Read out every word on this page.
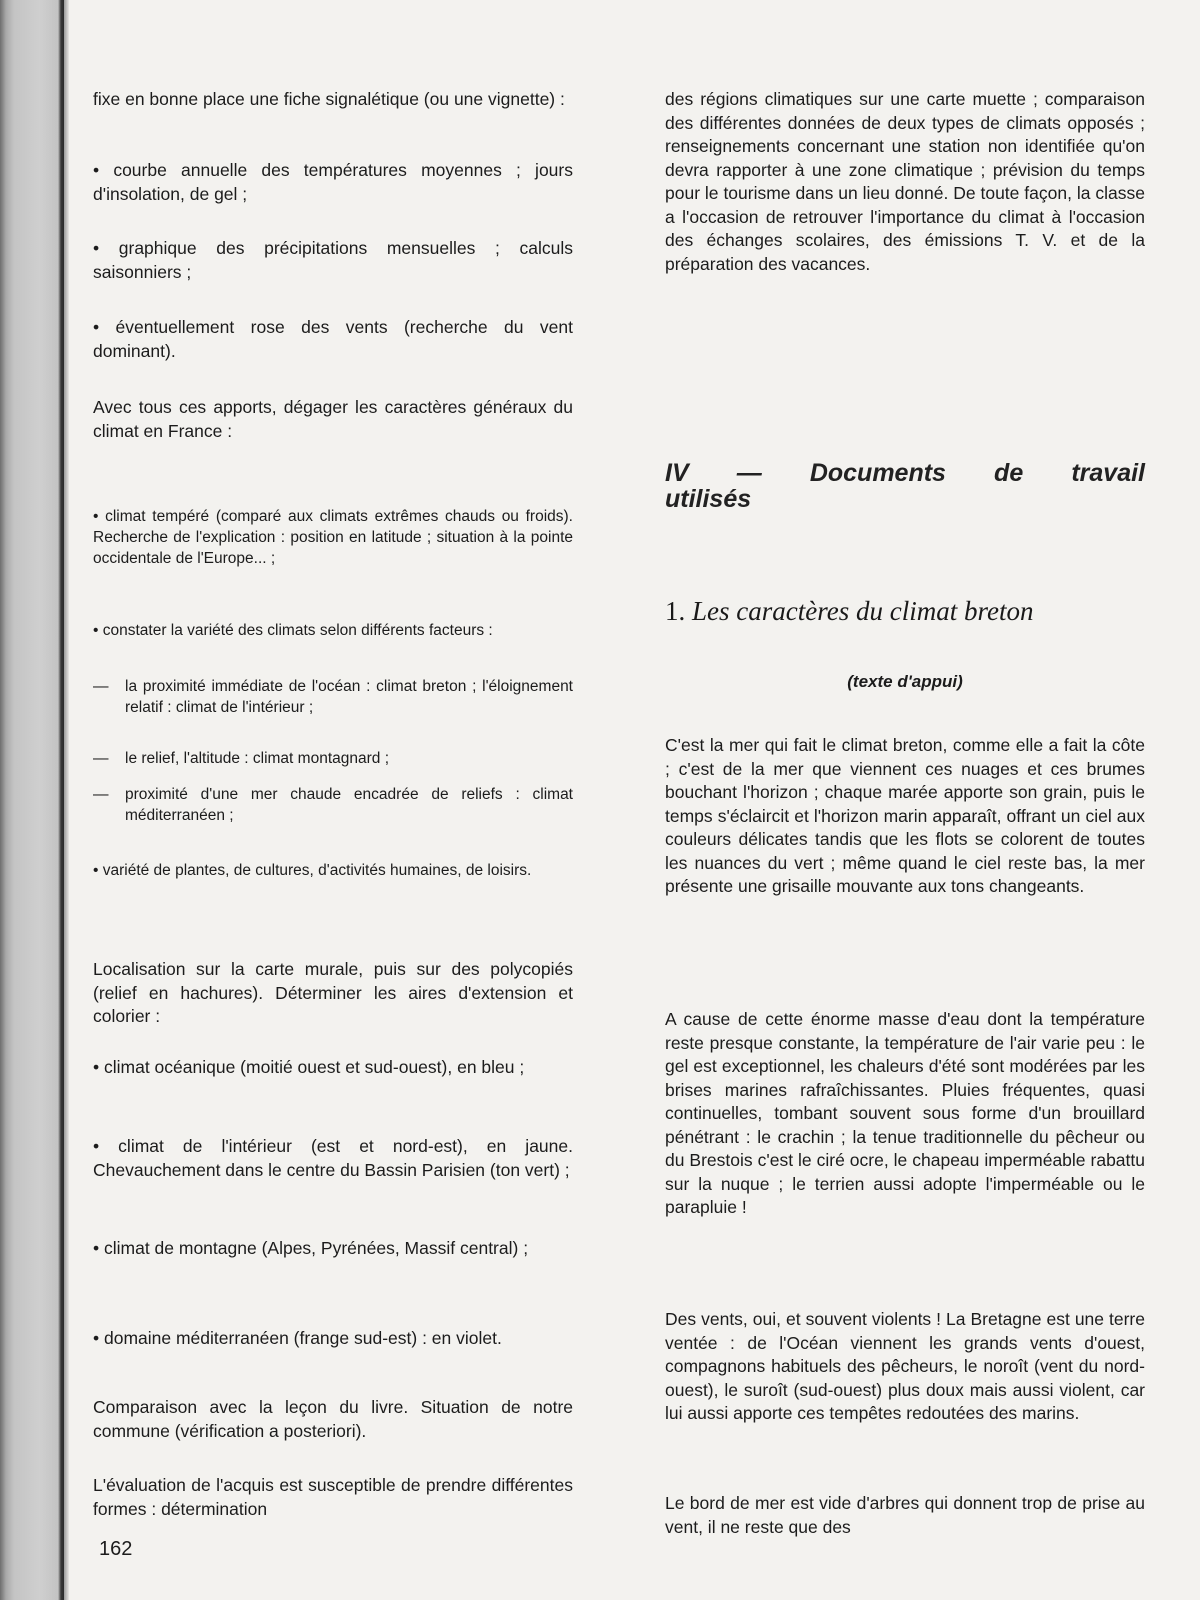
fixe en bonne place une fiche signalétique (ou une vignette) :

• courbe annuelle des températures moyennes ; jours d'insolation, de gel ;

• graphique des précipitations mensuelles ; calculs saisonniers ;

• éventuellement rose des vents (recherche du vent dominant).

Avec tous ces apports, dégager les caractères généraux du climat en France :

• climat tempéré (comparé aux climats extrêmes chauds ou froids). Recherche de l'explication : position en latitude ; situation à la pointe occidentale de l'Europe... ;

• constater la variété des climats selon différents facteurs :

—	la proximité immédiate de l'océan : climat breton ; l'éloignement relatif : climat de l'intérieur ;
—	le relief, l'altitude : climat montagnard ;
—	proximité d'une mer chaude encadrée de reliefs : climat méditerranéen ;

• variété de plantes, de cultures, d'activités humaines, de loisirs.

Localisation sur la carte murale, puis sur des polycopiés (relief en hachures). Déterminer les aires d'extension et colorier :

• climat océanique (moitié ouest et sud-ouest), en bleu ;

• climat de l'intérieur (est et nord-est), en jaune. Chevauchement dans le centre du Bassin Parisien (ton vert) ;

• climat de montagne (Alpes, Pyrénées, Massif central) ;

• domaine méditerranéen (frange sud-est) : en violet.

Comparaison avec la leçon du livre. Situation de notre commune (vérification a posteriori).

L'évaluation de l'acquis est susceptible de prendre différentes formes : détermination

des régions climatiques sur une carte muette ; comparaison des différentes données de deux types de climats opposés ; renseignements concernant une station non identifiée qu'on devra rapporter à une zone climatique ; prévision du temps pour le tourisme dans un lieu donné. De toute façon, la classe a l'occasion de retrouver l'importance du climat à l'occasion des échanges scolaires, des émissions T. V. et de la préparation des vacances.

IV — Documents de travail
utilisés
1. Les caractères du climat breton

(texte d'appui)

C'est la mer qui fait le climat breton, comme elle a fait la côte ; c'est de la mer que viennent ces nuages et ces brumes bouchant l'horizon ; chaque marée apporte son grain, puis le temps s'éclaircit et l'horizon marin apparaît, offrant un ciel aux couleurs délicates tandis que les flots se colorent de toutes les nuances du vert ; même quand le ciel reste bas, la mer présente une grisaille mouvante aux tons changeants.

A cause de cette énorme masse d'eau dont la température reste presque constante, la température de l'air varie peu : le gel est exceptionnel, les chaleurs d'été sont modérées par les brises marines rafraîchissantes. Pluies fréquentes, quasi continuelles, tombant souvent sous forme d'un brouillard pénétrant : le crachin ; la tenue traditionnelle du pêcheur ou du Brestois c'est le ciré ocre, le chapeau imperméable rabattu sur la nuque ; le terrien aussi adopte l'imperméable ou le parapluie !

Des vents, oui, et souvent violents ! La Bretagne est une terre ventée : de l'Océan viennent les grands vents d'ouest, compagnons habituels des pêcheurs, le noroît (vent du nord-ouest), le suroît (sud-ouest) plus doux mais aussi violent, car lui aussi apporte ces tempêtes redoutées des marins.

Le bord de mer est vide d'arbres qui donnent trop de prise au vent, il ne reste que des

162
